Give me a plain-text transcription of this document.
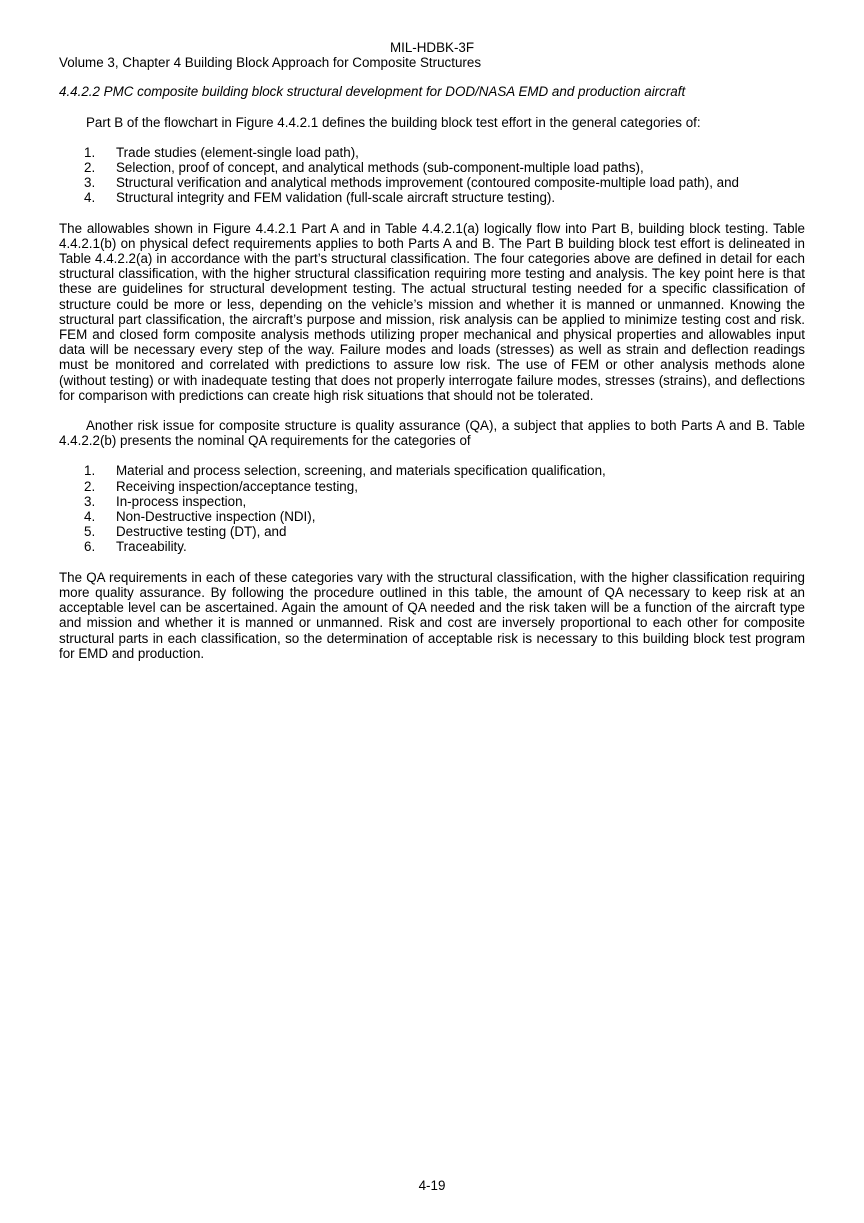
MIL-HDBK-3F
Volume 3, Chapter 4 Building Block Approach for Composite Structures
4.4.2.2 PMC composite building block structural development for DOD/NASA EMD and production aircraft

Part B of the flowchart in Figure 4.4.2.1 defines the building block test effort in the general categories of:

1. Trade studies (element-single load path),
2. Selection, proof of concept, and analytical methods (sub-component-multiple load paths),
3. Structural verification and analytical methods improvement (contoured composite-multiple load path), and
4. Structural integrity and FEM validation (full-scale aircraft structure testing).

The allowables shown in Figure 4.4.2.1 Part A and in Table 4.4.2.1(a) logically flow into Part B, building block testing. Table 4.4.2.1(b) on physical defect requirements applies to both Parts A and B. The Part B building block test effort is delineated in Table 4.4.2.2(a) in accordance with the part’s structural classification. The four categories above are defined in detail for each structural classification, with the higher structural classification requiring more testing and analysis. The key point here is that these are guidelines for structural development testing. The actual structural testing needed for a specific classification of structure could be more or less, depending on the vehicle’s mission and whether it is manned or unmanned. Knowing the structural part classification, the aircraft’s purpose and mission, risk analysis can be applied to minimize testing cost and risk. FEM and closed form composite analysis methods utilizing proper mechanical and physical properties and allowables input data will be necessary every step of the way. Failure modes and loads (stresses) as well as strain and deflection readings must be monitored and correlated with predictions to assure low risk. The use of FEM or other analysis methods alone (without testing) or with inadequate testing that does not properly interrogate failure modes, stresses (strains), and deflections for comparison with predictions can create high risk situations that should not be tolerated.

Another risk issue for composite structure is quality assurance (QA), a subject that applies to both Parts A and B. Table 4.4.2.2(b) presents the nominal QA requirements for the categories of

1. Material and process selection, screening, and materials specification qualification,
2. Receiving inspection/acceptance testing,
3. In-process inspection,
4. Non-Destructive inspection (NDI),
5. Destructive testing (DT), and
6. Traceability.

The QA requirements in each of these categories vary with the structural classification, with the higher classification requiring more quality assurance. By following the procedure outlined in this table, the amount of QA necessary to keep risk at an acceptable level can be ascertained. Again the amount of QA needed and the risk taken will be a function of the aircraft type and mission and whether it is manned or unmanned. Risk and cost are inversely proportional to each other for composite structural parts in each classification, so the determination of acceptable risk is necessary to this building block test program for EMD and production.

4-19
